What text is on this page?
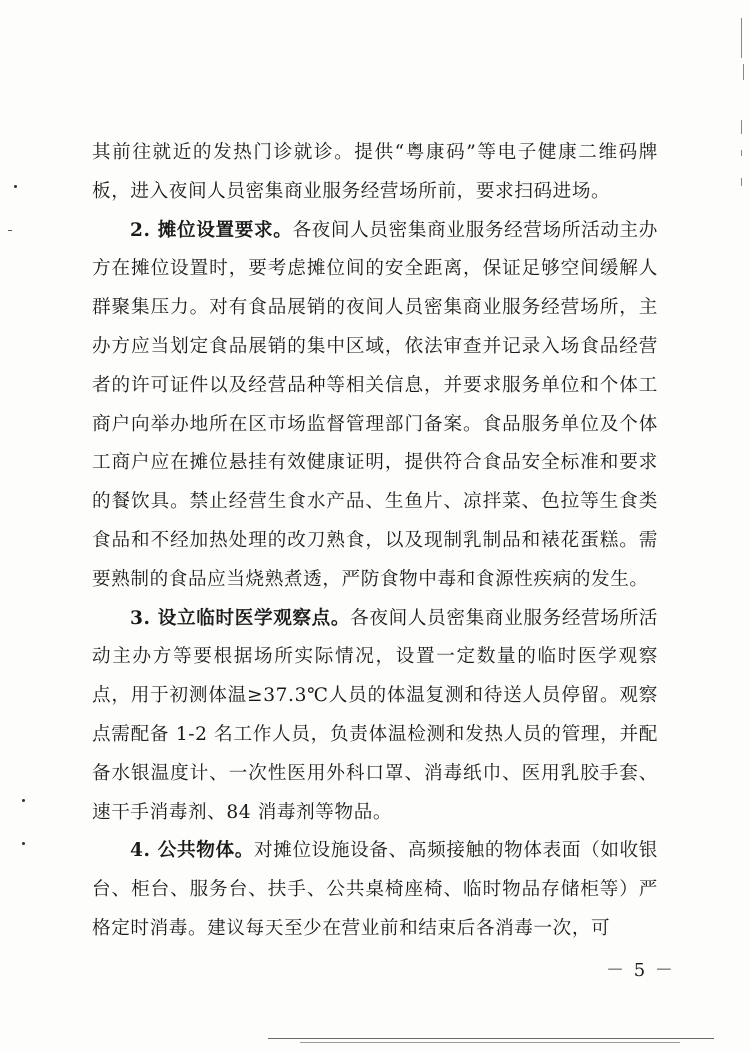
其前往就近的发热门诊就诊。提供“粤康码”等电子健康二维码牌板，进入夜间人员密集商业服务经营场所前，要求扫码进场。

2. 摊位设置要求。各夜间人员密集商业服务经营场所活动主办方在摊位设置时，要考虑摊位间的安全距离，保证足够空间缓解人群聚集压力。对有食品展销的夜间人员密集商业服务经营场所，主办方应当划定食品展销的集中区域，依法审查并记录入场食品经营者的许可证件以及经营品种等相关信息，并要求服务单位和个体工商户向举办地所在区市场监督管理部门备案。食品服务单位及个体工商户应在摊位悬挂有效健康证明，提供符合食品安全标准和要求的餐饮具。禁止经营生食水产品、生鱼片、凉拌菜、色拉等生食类食品和不经加热处理的改刀熟食，以及现制乳制品和裱花蛋糕。需要熟制的食品应当烧熟煮透，严防食物中毒和食源性疾病的发生。

3. 设立临时医学观察点。各夜间人员密集商业服务经营场所活动主办方等要根据场所实际情况，设置一定数量的临时医学观察点，用于初测体温≥37.3℃人员的体温复测和待送人员停留。观察点需配备 1-2 名工作人员，负责体温检测和发热人员的管理，并配备水银温度计、一次性医用外科口罩、消毒纸巾、医用乳胶手套、速干手消毒剂、84 消毒剂等物品。

4. 公共物体。对摊位设施设备、高频接触的物体表面（如收银台、柜台、服务台、扶手、公共桌椅座椅、临时物品存储柜等）严格定时消毒。建议每天至少在营业前和结束后各消毒一次，可

－ 5 －
